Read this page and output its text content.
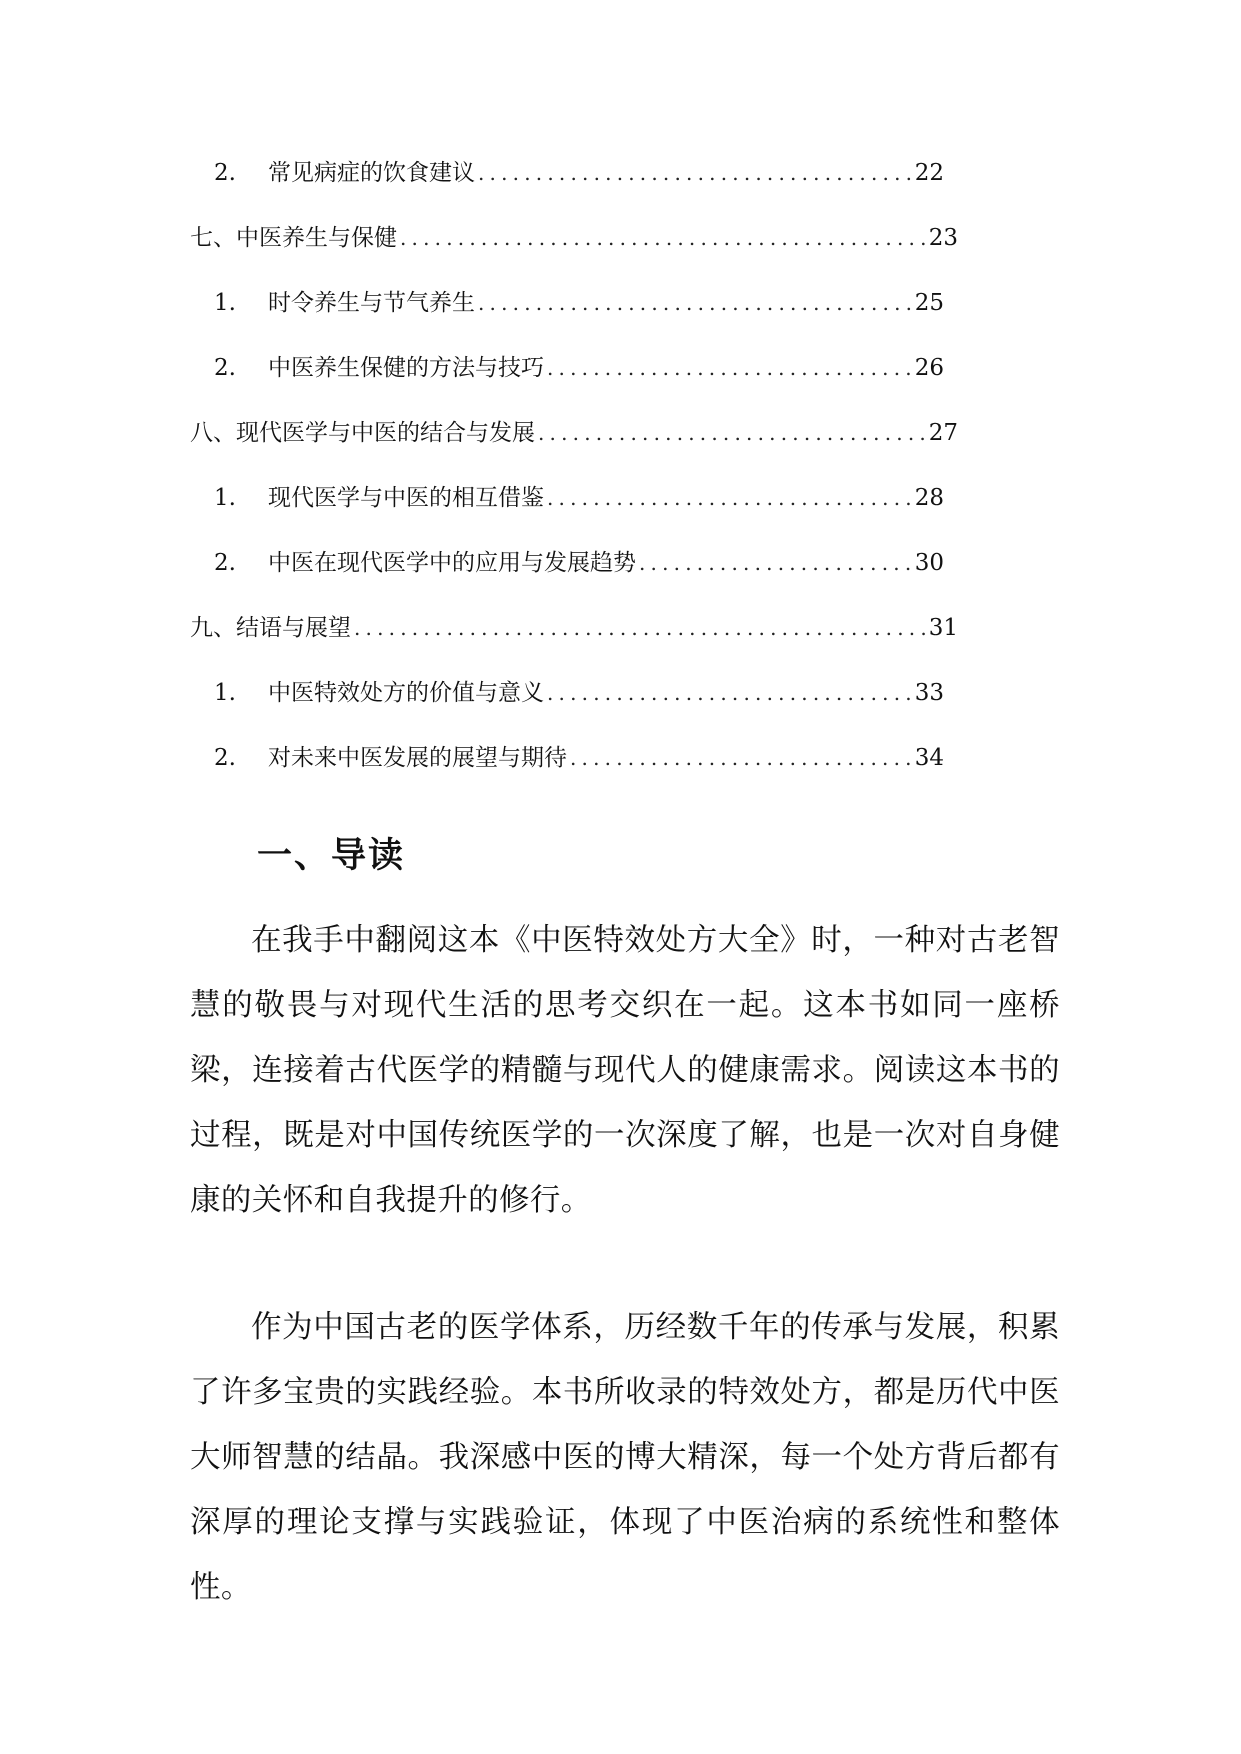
2.	常见病症的饮食建议 .....	22
七、中医养生与保健 .....	23
1.	时令养生与节气养生 .....	25
2.	中医养生保健的方法与技巧 .....	26
八、现代医学与中医的结合与发展 .....	27
1.	现代医学与中医的相互借鉴 .....	28
2.	中医在现代医学中的应用与发展趋势 .....	30
九、结语与展望 .....	31
1.	中医特效处方的价值与意义 .....	33
2.	对未来中医发展的展望与期待 .....	34
一、导读

在我手中翻阅这本《中医特效处方大全》时，一种对古老智慧的敬畏与对现代生活的思考交织在一起。这本书如同一座桥梁，连接着古代医学的精髓与现代人的健康需求。阅读这本书的过程，既是对中国传统医学的一次深度了解，也是一次对自身健康的关怀和自我提升的修行。

作为中国古老的医学体系，历经数千年的传承与发展，积累了许多宝贵的实践经验。本书所收录的特效处方，都是历代中医大师智慧的结晶。我深感中医的博大精深，每一个处方背后都有深厚的理论支撑与实践验证，体现了中医治病的系统性和整体性。
